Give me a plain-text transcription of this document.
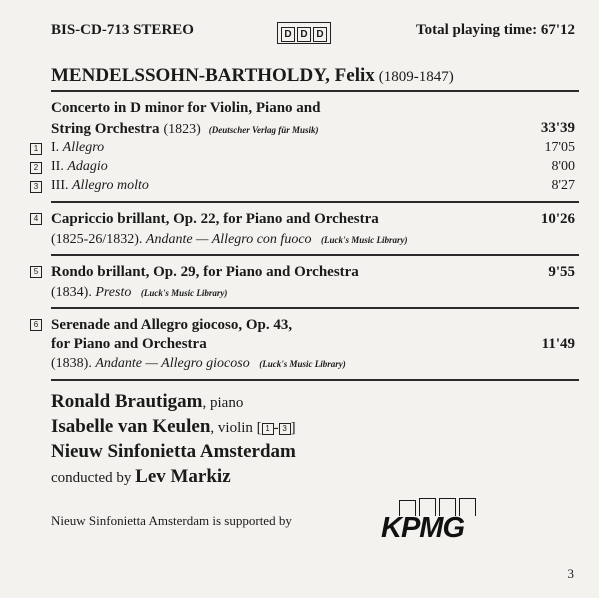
BIS-CD-713 STEREO	D D D	Total playing time: 67'12
MENDELSSOHN-BARTHOLDY, Felix (1809-1847)
Concerto in D minor for Violin, Piano and
String Orchestra (1823) (Deutscher Verlag für Musik)	33'39
1 I. Allegro	17'05
2 II. Adagio	8'00
3 III. Allegro molto	8'27
4 Capriccio brillant, Op. 22, for Piano and Orchestra	10'26
(1825-26/1832). Andante — Allegro con fuoco (Luck's Music Library)
5 Rondo brillant, Op. 29, for Piano and Orchestra	9'55
(1834). Presto (Luck's Music Library)
6 Serenade and Allegro giocoso, Op. 43,
for Piano and Orchestra	11'49
(1838). Andante — Allegro giocoso (Luck's Music Library)
Ronald Brautigam, piano
Isabelle van Keulen, violin [ 1 - 3 ]
Nieuw Sinfonietta Amsterdam
conducted by Lev Markiz
Nieuw Sinfonietta Amsterdam is supported by	KPMG
3
